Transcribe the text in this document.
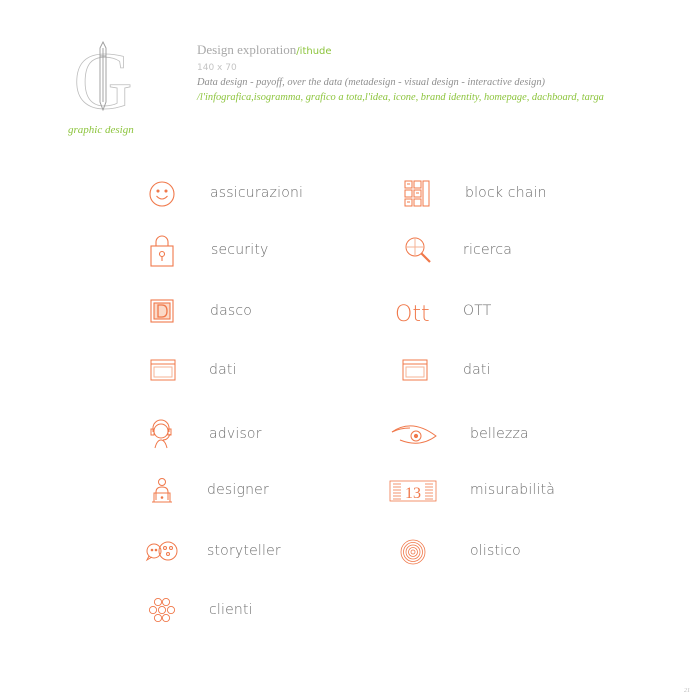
G
graphic design
Design exploration/ithude
140 x 70
Data design - payoff, over the data (metadesign - visual design - interactive design)
/l'infografica,isogramma, grafico a tota,l'idea, icone, brand identity, homepage, dachboard, targa
assicurazioni
security
dasco
dati
advisor
designer
storyteller
clienti
block chain
ricerca
Ott OTT
dati
bellezza
13	misurabilità
olistico
21
